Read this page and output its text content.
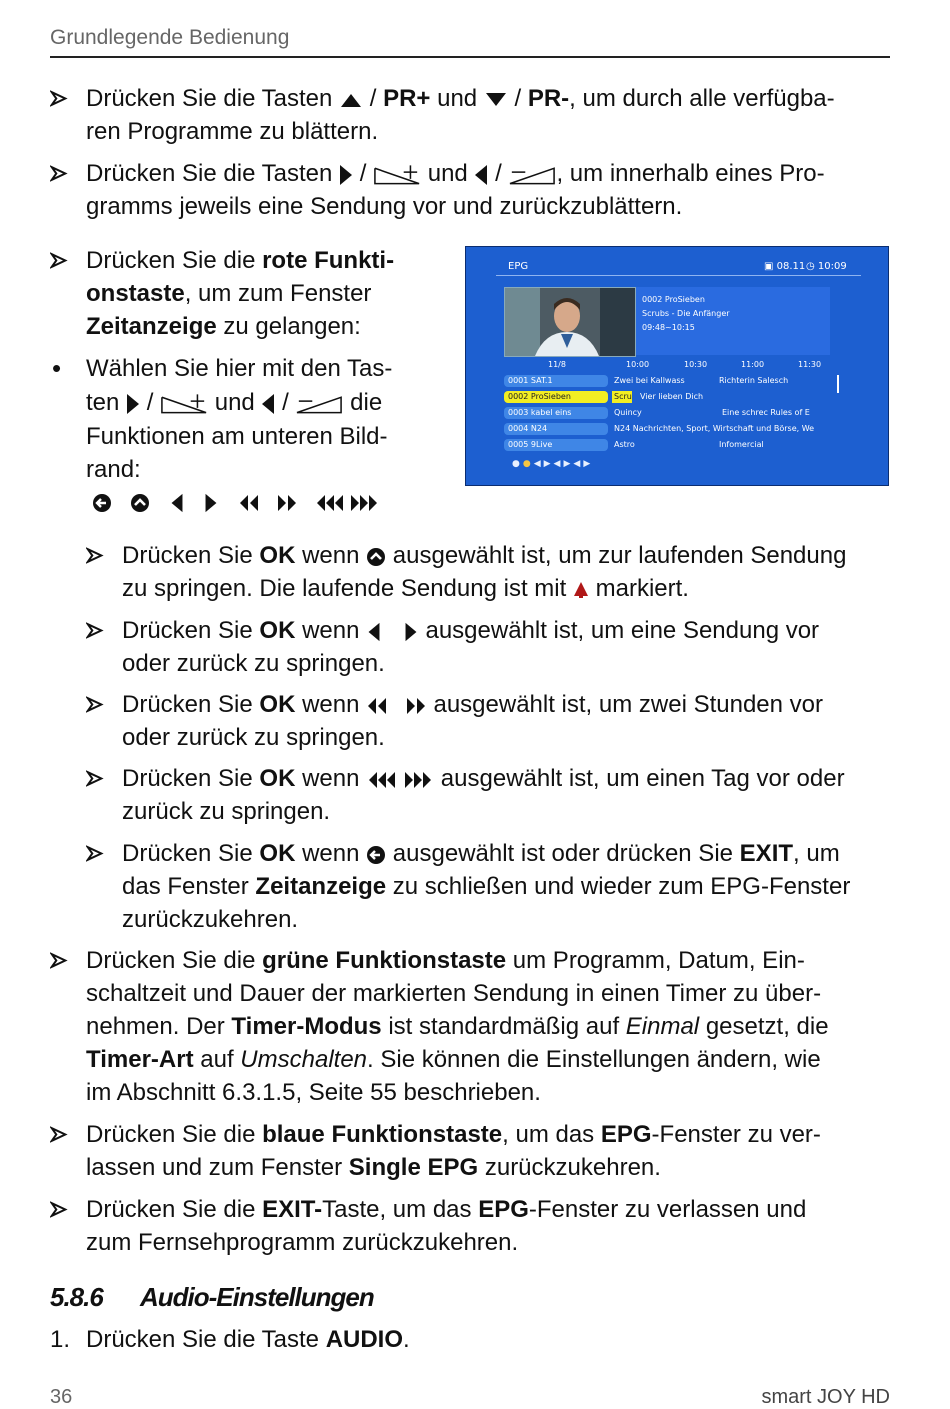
Grundlegende Bedienung
Drücken Sie die Tasten / PR+ und / PR-, um durch alle verfügba-
ren Programme zu blättern.
Drücken Sie die Tasten /	und / , um innerhalb eines Pro-
gramms jeweils eine Sendung vor und zurückzublättern.
Drücken Sie die rote Funkti-
onstaste, um zum Fenster
Zeitanzeige zu gelangen:
• Wählen Sie hier mit den Tas-
ten /	und /	die
Funktionen am unteren Bild-
rand:

EPG	▣ 08.11 ◷ 10:09
0002 ProSieben
Scrubs - Die Anfänger
09:48~10:15
11/8	10:00	10:30	11:00	11:30
0001 SAT.1	Zwei bei Kallwass	Richterin Salesch
0002 ProSieben	Scru Vier lieben Dich
0003 kabel eins	Quincy	Eine schrec Rules of E
0004 N24	N24 Nachrichten, Sport, Wirtschaft und Börse, We
0005 9Live	Astro	Infomercial
●●◀▶◀▶◀▶
Drücken Sie OK wenn ausgewählt ist, um zur laufenden Sendung
zu springen. Die laufende Sendung ist mit markiert.
Drücken Sie OK wenn	ausgewählt ist, um eine Sendung vor
oder zurück zu springen.
Drücken Sie OK wenn	ausgewählt ist, um zwei Stunden vor
oder zurück zu springen.
Drücken Sie OK wenn	ausgewählt ist, um einen Tag vor oder
zurück zu springen.
Drücken Sie OK wenn ausgewählt ist oder drücken Sie EXIT, um
das Fenster Zeitanzeige zu schließen und wieder zum EPG-Fenster
zurückzukehren.
Drücken Sie die grüne Funktionstaste um Programm, Datum, Ein-
schaltzeit und Dauer der markierten Sendung in einen Timer zu über-
nehmen. Der Timer-Modus ist standardmäßig auf Einmal gesetzt, die
Timer-Art auf Umschalten. Sie können die Einstellungen ändern, wie
im Abschnitt 6.3.1.5, Seite 55 beschrieben.
Drücken Sie die blaue Funktionstaste, um das EPG-Fenster zu ver-
lassen und zum Fenster Single EPG zurückzukehren.
Drücken Sie die EXIT-Taste, um das EPG-Fenster zu verlassen und
zum Fernsehprogramm zurückzukehren.
5.8.6 Audio-Einstellungen
1. Drücken Sie die Taste AUDIO.
36	smart JOY HD
